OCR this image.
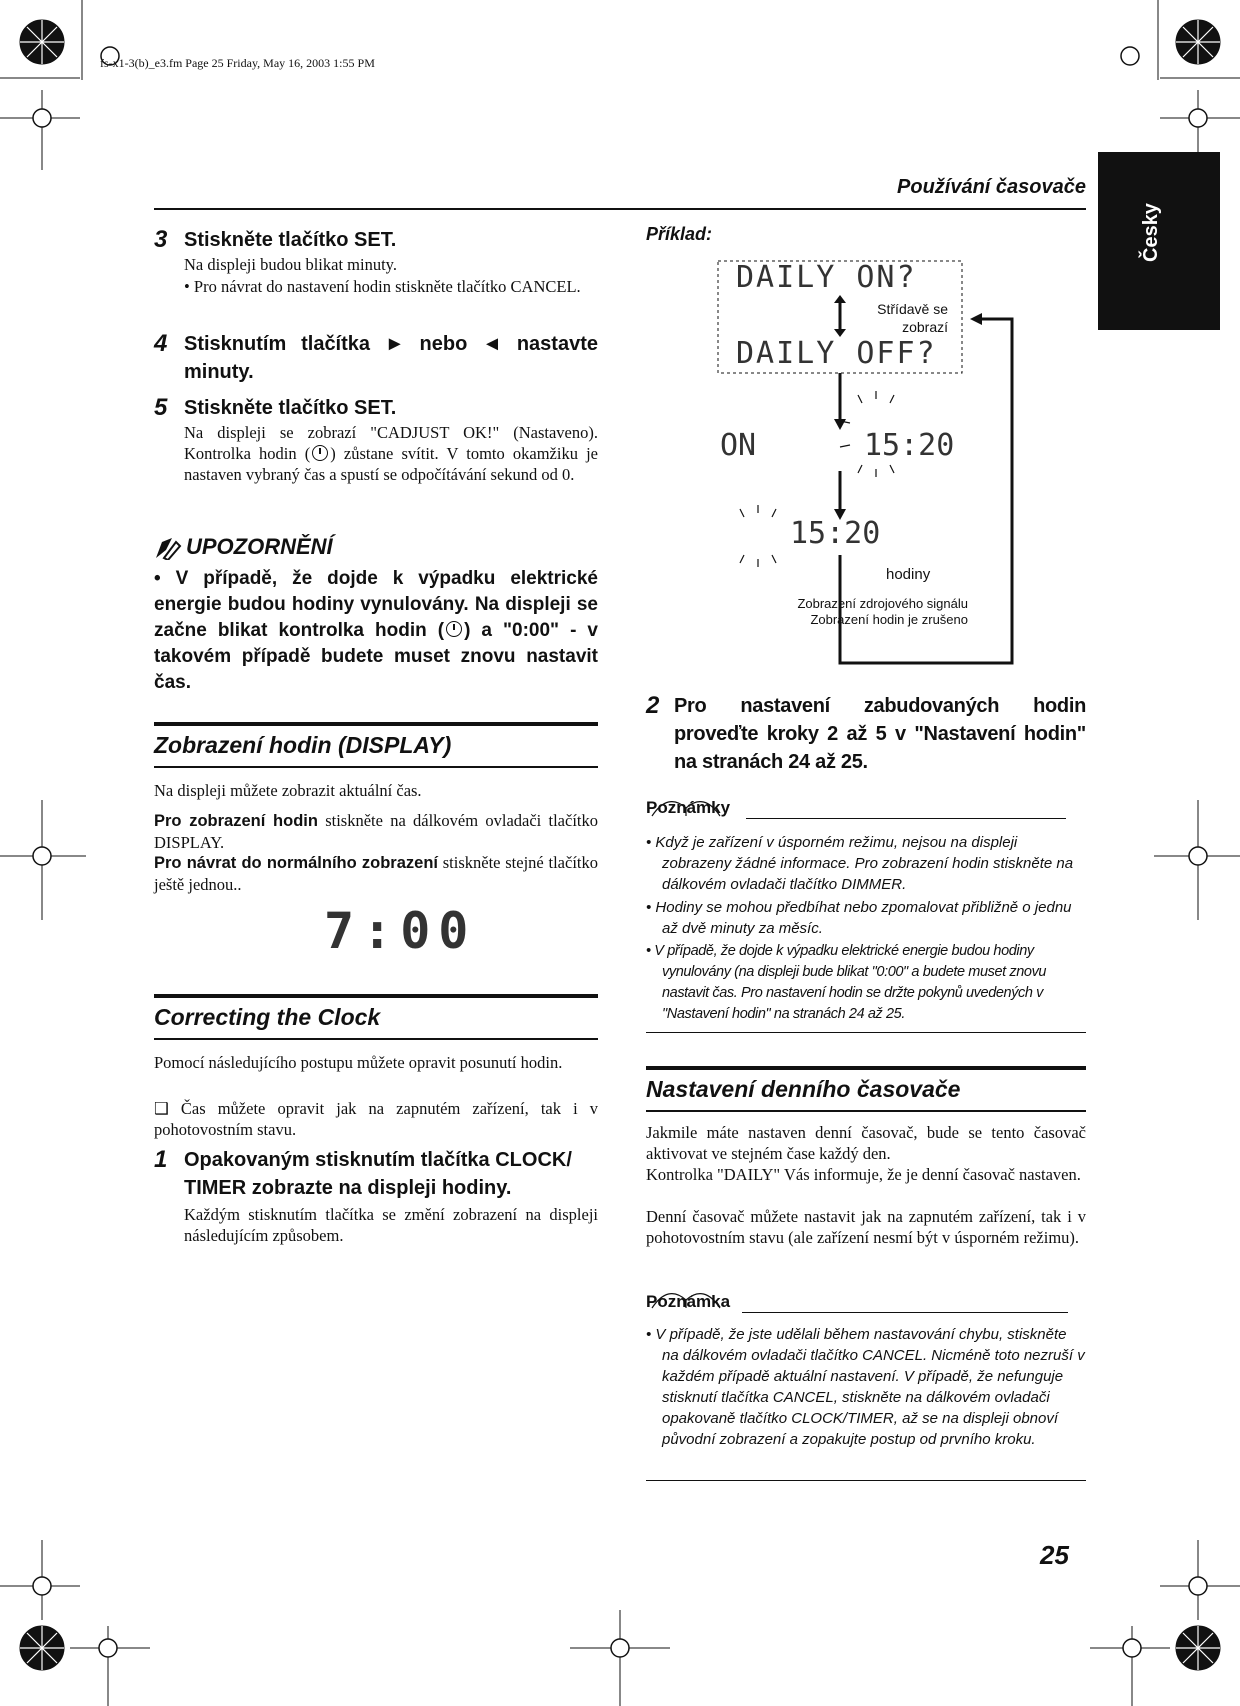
fs-x1-3(b)_e3.fm Page 25 Friday, May 16, 2003 1:55 PM
Používání časovače
Česky
3 Stiskněte tlačítko SET.
Na displeji budou blikat minuty.
• Pro návrat do nastavení hodin stiskněte tlačítko CANCEL.
4 Stisknutím tlačítka ► nebo ◄ nastavte minuty.
5 Stiskněte tlačítko SET.
Na displeji se zobrazí "CADJUST OK!" (Nastaveno). Kontrolka hodin ( ) zůstane svítit. V tomto okamžiku je nastaven vybraný čas a spustí se odpočítávání sekund od 0.
UPOZORNĚNÍ
• V případě, že dojde k výpadku elektrické energie budou hodiny vynulovány. Na displeji se začne blikat kontrolka hodin ( ) a "0:00" - v takovém případě budete muset znovu nastavit čas.
Zobrazení hodin (DISPLAY)
Na displeji můžete zobrazit aktuální čas.
Pro zobrazení hodin stiskněte na dálkovém ovladači tlačítko DISPLAY.
Pro návrat do normálního zobrazení stiskněte stejné tlačítko ještě jednou..
7:00
Correcting the Clock
Pomocí následujícího postupu můžete opravit posunutí hodin.
❑ Čas můžete opravit jak na zapnutém zařízení, tak i v pohotovostním stavu.
1 Opakovaným stisknutím tlačítka CLOCK/ TIMER zobrazte na displeji hodiny.
Každým stisknutím tlačítka se změní zobrazení na displeji následujícím způsobem.
Příklad:
DAILY ON?
Střídavě se zobrazí
DAILY OFF?
ON	15:20
15:20
hodiny
Zobrazení zdrojového signálu
Zobrazení hodin je zrušeno
2 Pro nastavení zabudovaných hodin proveďte kroky 2 až 5 v "Nastavení hodin" na stranách 24 až 25.
Poznámky
• Když je zařízení v úsporném režimu, nejsou na displeji zobrazeny žádné informace. Pro zobrazení hodin stiskněte na dálkovém ovladači tlačítko DIMMER.
• Hodiny se mohou předbíhat nebo zpomalovat přibližně o jednu až dvě minuty za měsíc.
• V případě, že dojde k výpadku elektrické energie budou hodiny vynulovány (na displeji bude blikat "0:00" a budete muset znovu nastavit čas. Pro nastavení hodin se držte pokynů uvedených v "Nastavení hodin" na stranách 24 až 25.
Nastavení denního časovače
Jakmile máte nastaven denní časovač, bude se tento časovač aktivovat ve stejném čase každý den.
Kontrolka "DAILY" Vás informuje, že je denní časovač nastaven.
Denní časovač můžete nastavit jak na zapnutém zařízení, tak i v pohotovostním stavu (ale zařízení nesmí být v úsporném režimu).
Poznámka
• V případě, že jste udělali během nastavování chybu, stiskněte na dálkovém ovladači tlačítko CANCEL. Nicméně toto nezruší v každém případě aktuální nastavení. V případě, že nefunguje stisknutí tlačítka CANCEL, stiskněte na dálkovém ovladači opakovaně tlačítko CLOCK/TIMER, až se na displeji obnoví původní zobrazení a zopakujte postup od prvního kroku.
25
